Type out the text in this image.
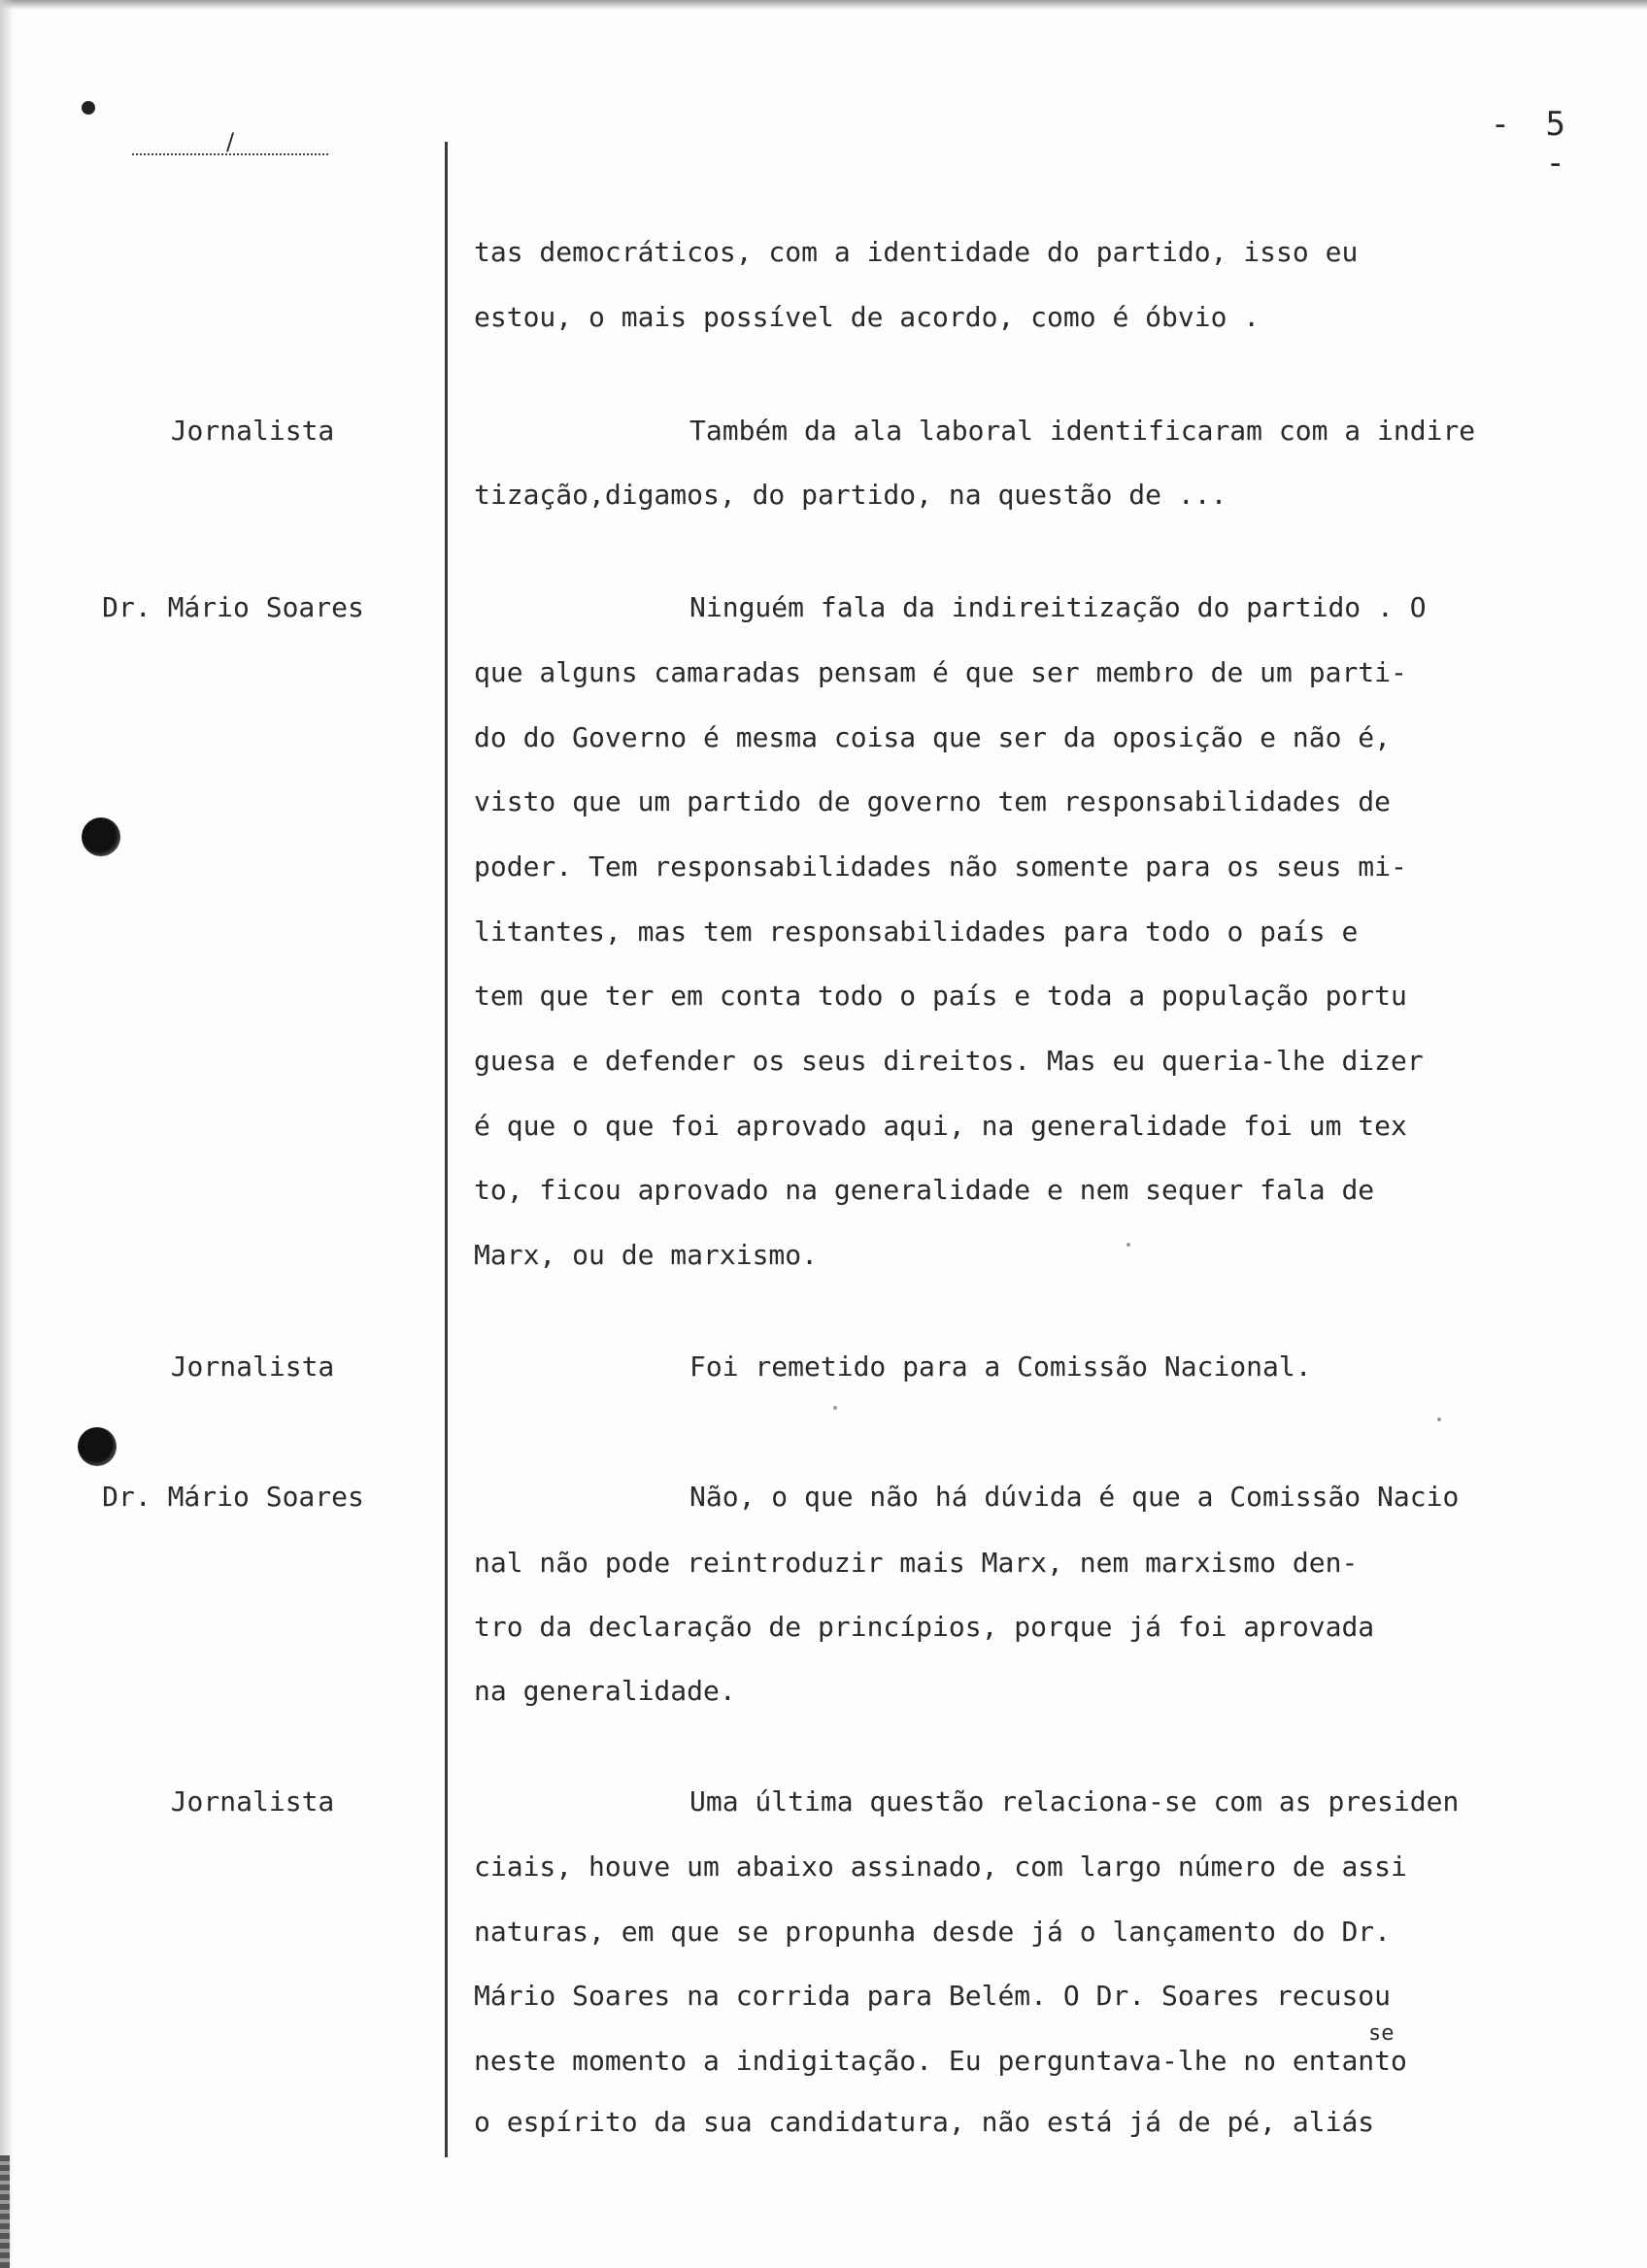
/	- 5 -
tas democráticos, com a identidade do partido, isso eu
estou, o mais possível de acordo, como é óbvio .
Jornalista	Também da ala laboral identificaram com a indire
tização,digamos, do partido, na questão de ...
Dr. Mário Soares	Ninguém fala da indireitização do partido . O
que alguns camaradas pensam é que ser membro de um parti-
do do Governo é mesma coisa que ser da oposição e não é,
visto que um partido de governo tem responsabilidades de
poder. Tem responsabilidades não somente para os seus mi-
litantes, mas tem responsabilidades para todo o país e
tem que ter em conta todo o país e toda a população portu
guesa e defender os seus direitos. Mas eu queria-lhe dizer
é que o que foi aprovado aqui, na generalidade foi um tex
to, ficou aprovado na generalidade e nem sequer fala de
Marx, ou de marxismo.
Jornalista	Foi remetido para a Comissão Nacional.
Dr. Mário Soares	Não, o que não há dúvida é que a Comissão Nacio
nal não pode reintroduzir mais Marx, nem marxismo den-
tro da declaração de princípios, porque já foi aprovada
na generalidade.
Jornalista	Uma última questão relaciona-se com as presiden
ciais, houve um abaixo assinado, com largo número de assi
naturas, em que se propunha desde já o lançamento do Dr.
Mário Soares na corrida para Belém. O Dr. Soares recusou
neste momento a indigitação. Eu perguntava-lhe no entanto
o espírito da sua candidatura, não está já de pé, aliás
se
